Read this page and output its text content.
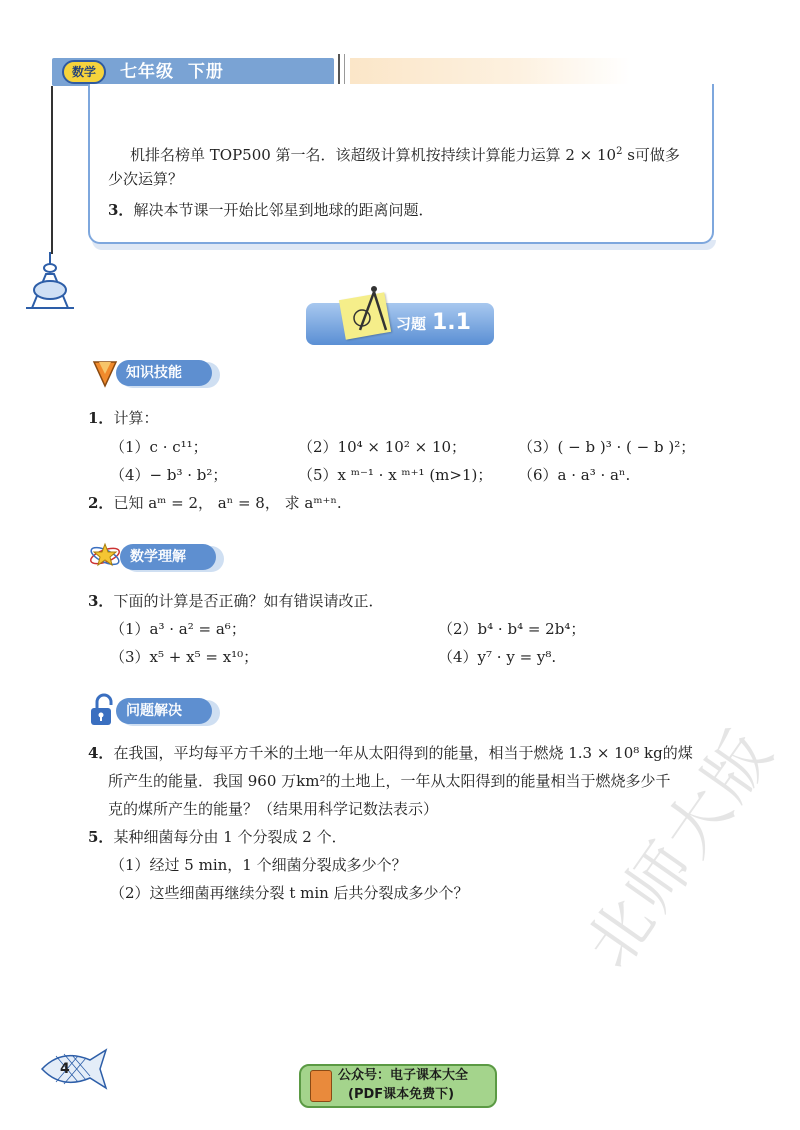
数学	七年级  下册
机排名榜单 TOP500 第一名．该超级计算机按持续计算能力运算 $2 \times 10^2$ s可做多
少次运算？
3．解决本节课一开始比邻星到地球的距离问题．
习题 1.1
知识技能
1．计算：
（1）c · c¹¹；	（2）10⁴ × 10² × 10；	（3）( − b )³ · ( − b )²；
（4）− b³ · b²；	（5）x ᵐ⁻¹ · x ᵐ⁺¹ (m>1)； （6）a · a³ · aⁿ.
2．已知 aᵐ = 2， aⁿ = 8， 求 aᵐ⁺ⁿ.
数学理解
3．下面的计算是否正确？如有错误请改正．
（1）a³ · a² = a⁶；	（2）b⁴ · b⁴ = 2b⁴；
（3）x⁵ + x⁵ = x¹⁰；	（4）y⁷ · y = y⁸.
问题解决
4．在我国，平均每平方千米的土地一年从太阳得到的能量，相当于燃烧 1.3 × 10⁸ kg的煤
所产生的能量．我国 960 万km²的土地上，一年从太阳得到的能量相当于燃烧多少千
克的煤所产生的能量？（结果用科学记数法表示）
5．某种细菌每分由 1 个分裂成 2 个．
（1）经过 5 min，1 个细菌分裂成多少个？
（2）这些细菌再继续分裂 t min 后共分裂成多少个？ 北师大版
4	公众号：电子课本大全
(PDF课本免费下)
